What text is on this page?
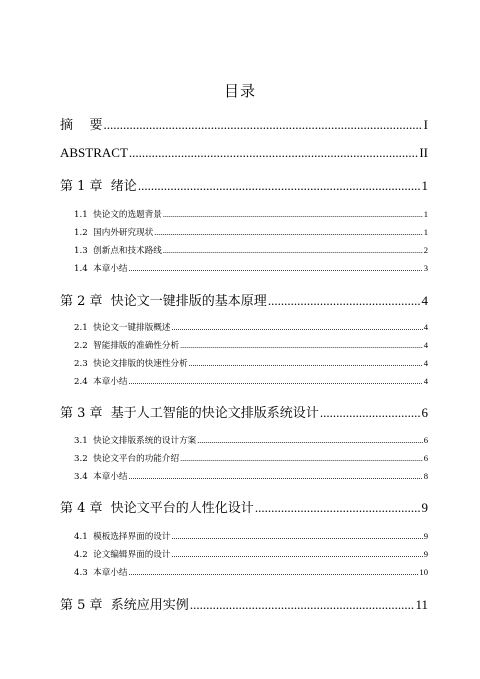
目录
摘    要 .....	I
ABSTRACT .....	II
第 1 章  绪论 .....	1
1.1  快论文的选题背景 .....	1
1.2  国内外研究现状 .....	1
1.3  创新点和技术路线 .....	2
1.4  本章小结 .....	3
第 2 章  快论文一键排版的基本原理 .....	4
2.1  快论文一键排版概述 .....	4
2.2  智能排版的准确性分析 .....	4
2.3  快论文排版的快速性分析 .....	4
2.4  本章小结 .....	4
第 3 章  基于人工智能的快论文排版系统设计 .....	6
3.1  快论文排版系统的设计方案 .....	6
3.2  快论文平台的功能介绍 .....	6
3.4  本章小结 .....	8
第 4 章  快论文平台的人性化设计 .....	9
4.1  模板选择界面的设计 .....	9
4.2  论文编辑界面的设计 .....	9
4.3  本章小结 .....	10
第 5 章  系统应用实例 .....	11
